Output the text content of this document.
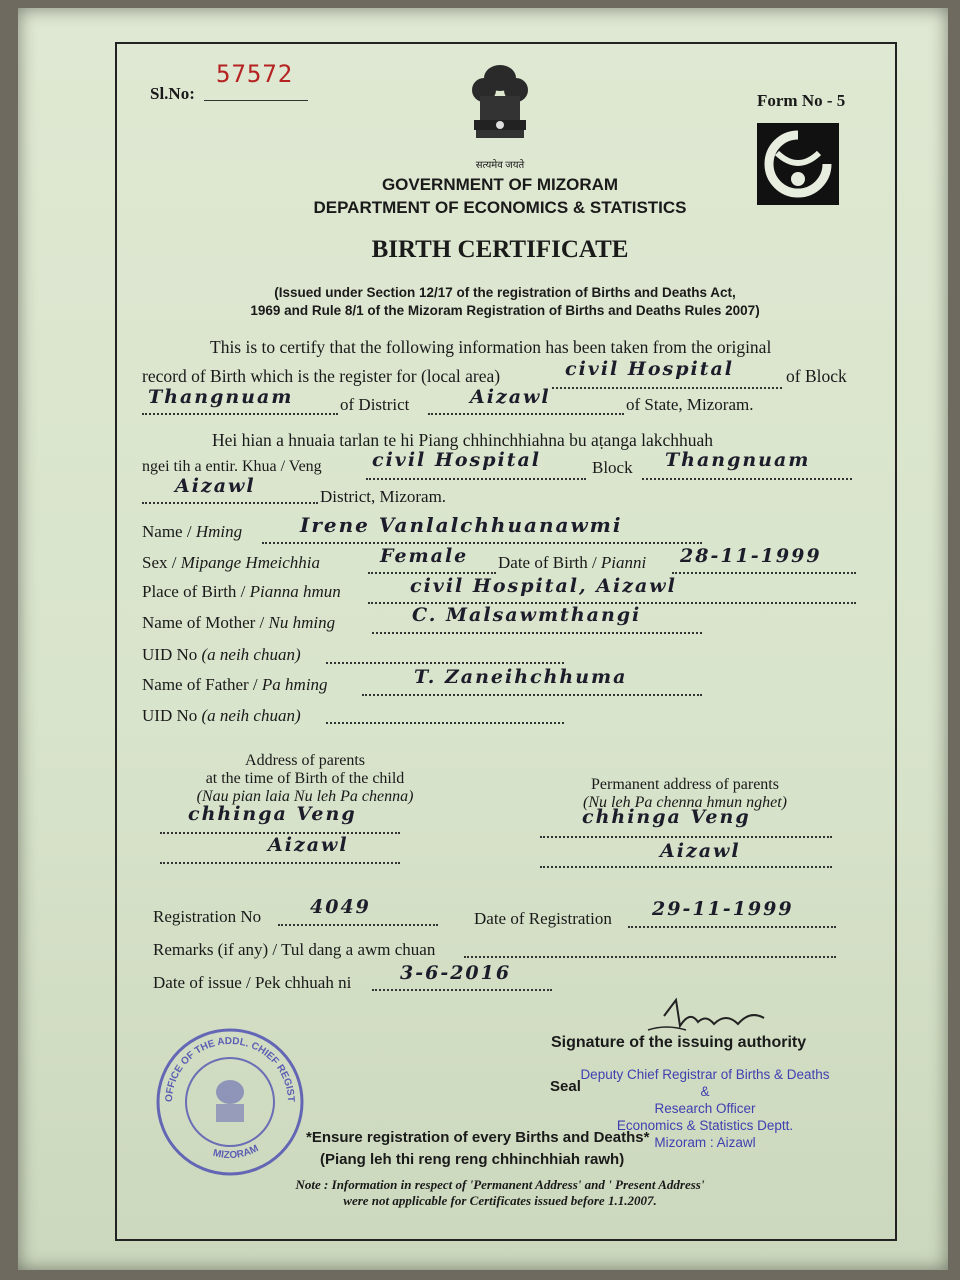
Sl.No:
57572
Form No - 5
सत्यमेव जयते
GOVERNMENT OF MIZORAM
DEPARTMENT OF ECONOMICS & STATISTICS
BIRTH CERTIFICATE
(Issued under Section 12/17 of the registration of Births and Deaths Act,
1969 and Rule 8/1 of the Mizoram Registration of Births and Deaths Rules 2007)
This is to certify that the following information has been taken from the original
record of Birth which is the register for (local area)	civil Hospital	of Block
Thangnuam	of District	Aizawl	of State, Mizoram.
Hei hian a hnuaia tarlan te hi Piang chhinchhiahna bu aṭanga lakchhuah
ngei tih a entir. Khua / Veng	civil Hospital	Block Thangnuam
Aizawl	District, Mizoram.
Name / Hming	Irene Vanlalchhuanawmi
Sex / Mipange Hmeichhia	Female Date of Birth / Pianni 28-11-1999
Place of Birth / Pianna hmun	civil Hospital, Aizawl
Name of Mother / Nu hming	C. Malsawmthangi
UID No (a neih chuan)
Name of Father / Pa hming	T. Zaneihchhuma
UID No (a neih chuan)
Address of parents
at the time of Birth of the child
(Nau pian laia Nu leh Pa chenna)
chhinga Veng
Aizawl
Permanent address of parents
(Nu leh Pa chenna hmun nghet)
chhinga Veng
Aizawl
Registration No	4049
Date of Registration 29-11-1999
Remarks (if any) / Tul dang a awm chuan
Date of issue / Pek chhuah ni	3-6-2016
Signature of the issuing authority
Seal
Deputy Chief Registrar of Births & Deaths
&
Research Officer
Economics & Statistics Deptt.
Mizoram : Aizawl
OFFICE OF THE ADDL. CHIEF REGIST
MIZORAM
*Ensure registration of every Births and Deaths*
(Piang leh thi reng reng chhinchhiah rawh)
Note : Information in respect of 'Permanent Address' and ' Present Address'
were not applicable for Certificates issued before 1.1.2007.
